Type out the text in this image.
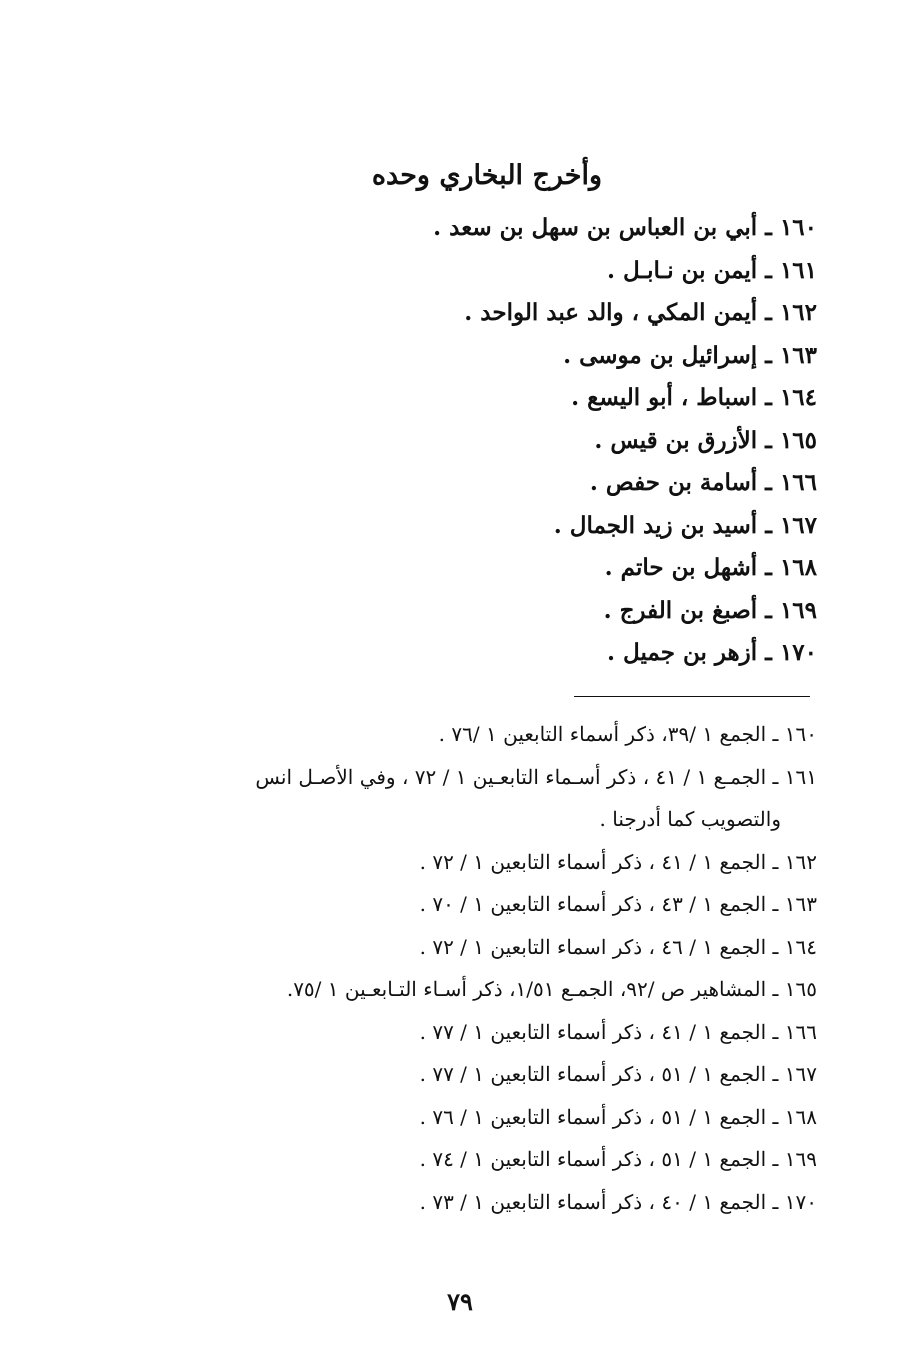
وأخرج البخاري وحده
١٦٠ ـ أبي بن العباس بن سهل بن سعد .
١٦١ ـ أيمن بن نـابـل .
١٦٢ ـ أيمن المكي ، والد عبد الواحد .
١٦٣ ـ إسرائيل بن موسى .
١٦٤ ـ اسباط ، أبو اليسع .
١٦٥ ـ الأزرق بن قيس .
١٦٦ ـ أسامة بن حفص .
١٦٧ ـ أسيد بن زيد الجمال .
١٦٨ ـ أشهل بن حاتم .
١٦٩ ـ أصبغ بن الفرج .
١٧٠ ـ أزهر بن جميل .
١٦٠ ـ الجمع ١ /٣٩، ذكر أسماء التابعين ١ /٧٦ .
١٦١ ـ الجمـع ١ / ٤١ ، ذكر أسـماء التابعـين ١ / ٧٢ ، وفي الأصـل انس
والتصويب كما أدرجنا .
١٦٢ ـ الجمع ١ / ٤١ ، ذكر أسماء التابعين ١ / ٧٢ .
١٦٣ ـ الجمع ١ / ٤٣ ، ذكر أسماء التابعين ١ / ٧٠ .
١٦٤ ـ الجمع ١ / ٤٦ ، ذكر اسماء التابعين ١ / ٧٢ .
١٦٥ ـ المشاهير ص /٩٢، الجمـع ١/٥١، ذكر أسـاء التـابعـين ١ /٧٥.
١٦٦ ـ الجمع ١ / ٤١ ، ذكر أسماء التابعين ١ / ٧٧ .
١٦٧ ـ الجمع ١ / ٥١ ، ذكر أسماء التابعين ١ / ٧٧ .
١٦٨ ـ الجمع ١ / ٥١ ، ذكر أسماء التابعين ١ / ٧٦ .
١٦٩ ـ الجمع ١ / ٥١ ، ذكر أسماء التابعين ١ / ٧٤ .
١٧٠ ـ الجمع ١ / ٤٠ ، ذكر أسماء التابعين ١ / ٧٣ .
٧٩
